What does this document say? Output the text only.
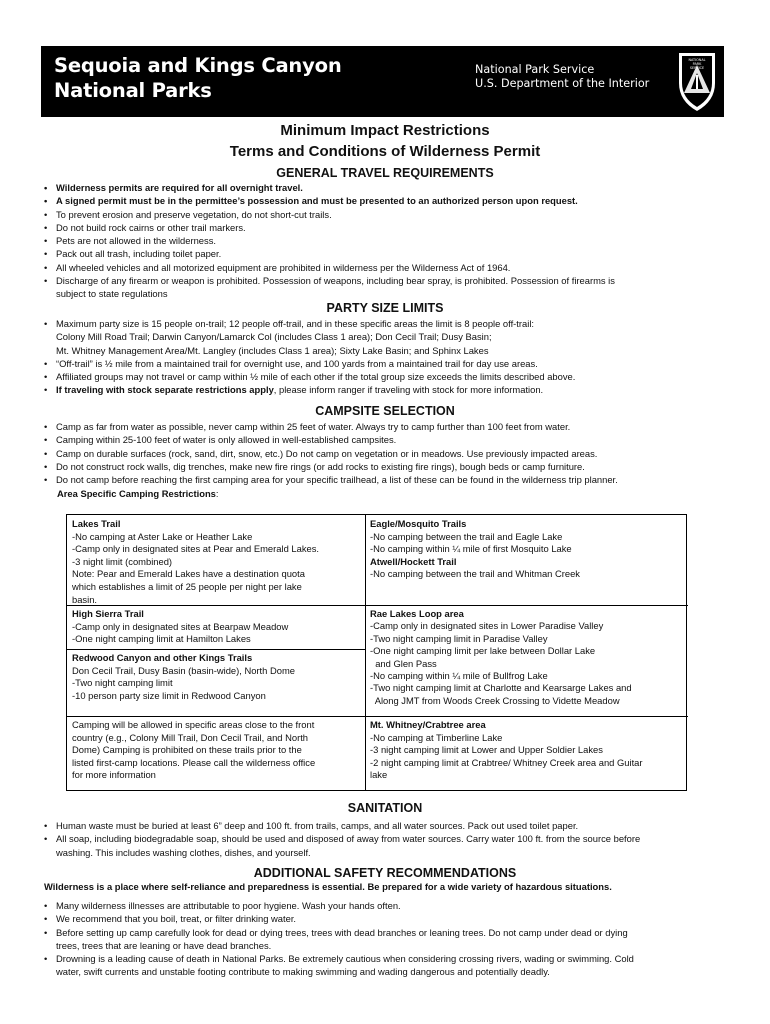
Sequoia and Kings Canyon
National Parks
National Park Service
U.S. Department of the Interior
NATIONAL
PARK
SERVICE
Minimum Impact Restrictions
Terms and Conditions of Wilderness Permit
GENERAL TRAVEL REQUIREMENTS
• Wilderness permits are required for all overnight travel.
• A signed permit must be in the permittee’s possession and must be presented to an authorized person upon request.
• To prevent erosion and preserve vegetation, do not short-cut trails.
• Do not build rock cairns or other trail markers.
• Pets are not allowed in the wilderness.
• Pack out all trash, including toilet paper.
• All wheeled vehicles and all motorized equipment are prohibited in wilderness per the Wilderness Act of 1964.
• Discharge of any firearm or weapon is prohibited. Possession of weapons, including bear spray, is prohibited. Possession of firearms is
subject to state regulations
PARTY SIZE LIMITS
• Maximum party size is 15 people on-trail; 12 people off-trail, and in these specific areas the limit is 8 people off-trail:
Colony Mill Road Trail; Darwin Canyon/Lamarck Col (includes Class 1 area); Don Cecil Trail; Dusy Basin;
Mt. Whitney Management Area/Mt. Langley (includes Class 1 area); Sixty Lake Basin; and Sphinx Lakes
• “Off-trail” is ½ mile from a maintained trail for overnight use, and 100 yards from a maintained trail for day use areas.
• Affiliated groups may not travel or camp within ½ mile of each other if the total group size exceeds the limits described above.
• If traveling with stock separate restrictions apply, please inform ranger if traveling with stock for more information.
CAMPSITE SELECTION
• Camp as far from water as possible, never camp within 25 feet of water. Always try to camp further than 100 feet from water.
• Camping within 25-100 feet of water is only allowed in well-established campsites.
• Camp on durable surfaces (rock, sand, dirt, snow, etc.) Do not camp on vegetation or in meadows. Use previously impacted areas.
• Do not construct rock walls, dig trenches, make new fire rings (or add rocks to existing fire rings), bough beds or camp furniture.
• Do not camp before reaching the first camping area for your specific trailhead, a list of these can be found in the wilderness trip planner.
Area Specific Camping Restrictions:
Lakes Trail
-No camping at Aster Lake or Heather Lake
-Camp only in designated sites at Pear and Emerald Lakes.
-3 night limit (combined)
Note: Pear and Emerald Lakes have a destination quota
which establishes a limit of 25 people per night per lake
basin.
Eagle/Mosquito Trails
-No camping between the trail and Eagle Lake
-No camping within ¼ mile of first Mosquito Lake
Atwell/Hockett Trail
-No camping between the trail and Whitman Creek
High Sierra Trail
-Camp only in designated sites at Bearpaw Meadow
-One night camping limit at Hamilton Lakes
Redwood Canyon and other Kings Trails
Don Cecil Trail, Dusy Basin (basin-wide), North Dome
-Two night camping limit
-10 person party size limit in Redwood Canyon
Rae Lakes Loop area
-Camp only in designated sites in Lower Paradise Valley
-Two night camping limit in Paradise Valley
-One night camping limit per lake between Dollar Lake
and Glen Pass
-No camping within ¼ mile of Bullfrog Lake
-Two night camping limit at Charlotte and Kearsarge Lakes and
Along JMT from Woods Creek Crossing to Vidette Meadow
Camping will be allowed in specific areas close to the front
country (e.g., Colony Mill Trail, Don Cecil Trail, and North
Dome) Camping is prohibited on these trails prior to the
listed first-camp locations. Please call the wilderness office
for more information
Mt. Whitney/Crabtree area
-No camping at Timberline Lake
-3 night camping limit at Lower and Upper Soldier Lakes
-2 night camping limit at Crabtree/ Whitney Creek area and Guitar
lake
SANITATION
• Human waste must be buried at least 6” deep and 100 ft. from trails, camps, and all water sources. Pack out used toilet paper.
• All soap, including biodegradable soap, should be used and disposed of away from water sources. Carry water 100 ft. from the source before
washing. This includes washing clothes, dishes, and yourself.
ADDITIONAL SAFETY RECOMMENDATIONS
Wilderness is a place where self-reliance and preparedness is essential. Be prepared for a wide variety of hazardous situations.
• Many wilderness illnesses are attributable to poor hygiene. Wash your hands often.
• We recommend that you boil, treat, or filter drinking water.
• Before setting up camp carefully look for dead or dying trees, trees with dead branches or leaning trees. Do not camp under dead or dying
trees, trees that are leaning or have dead branches.
• Drowning is a leading cause of death in National Parks. Be extremely cautious when considering crossing rivers, wading or swimming. Cold
water, swift currents and unstable footing contribute to making swimming and wading dangerous and potentially deadly.
